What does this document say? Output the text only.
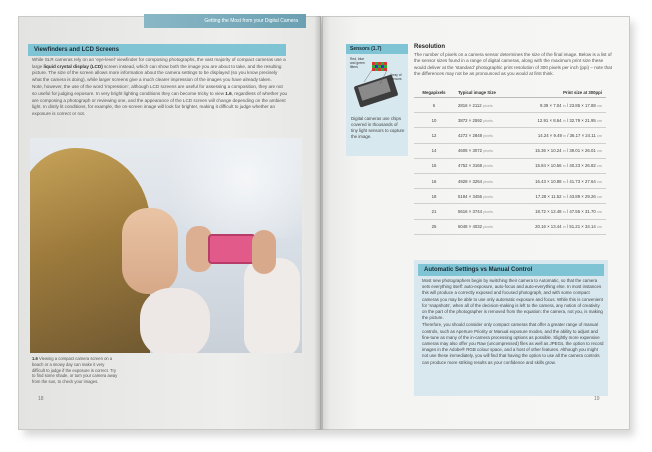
Viewfinders and LCD Screens

While SLR cameras rely on an ‘eye-level’ viewfinder for composing photographs, the vast majority of compact cameras use a large liquid crystal display (LCD) screen instead, which can show both the image you are about to take, and the resulting picture. The size of the screen allows more information about the camera settings to be displayed (so you know precisely what the camera is doing), while larger screens give a much clearer impression of the images you have already taken.

Note, however, the use of the word ‘impression’, although LCD screens are useful for assessing a composition, they are not so useful for judging exposure. In very bright lighting conditions they can become tricky to view 1.6, regardless of whether you are composing a photograph or reviewing one, and the appearance of the LCD screen will change depending on the ambient light. In dimly lit conditions, for example, the on-screen image will look far brighter, making it difficult to judge whether an exposure is correct or not.

1.6 Viewing a compact camera screen on a beach or a snowy day can make it very difficult to judge if the exposure is correct. Try to find some shade, or turn your camera away from the sun, to check your images.
18
Getting the Most from your Digital Camera
Sensors (1.7)
Red, blue and green filters
Array of sensors
Digital cameras use chips covered in thousands of tiny light sensors to capture the image.
Resolution
The number of pixels on a camera sensor determines the size of the final image. Below is a list of the sensor sizes found in a range of digital cameras, along with the maximum print size these would deliver at the ‘standard’ photographic print resolution of 300 pixels per inch (ppi) – note that the differences may not be as pronounced as you would at first think.
Megapixels	Typical image Size	Print size at 300ppi
6	2816 × 2112 pixels	9.39 × 7.04 in / 23.85 × 17.88 cm
10	3872 × 2592 pixels	12.91 × 8.64 in / 32.79 × 21.95 cm
12	4272 × 2848 pixels	14.24 × 9.49 in / 36.17 × 24.11 cm
14	4608 × 3072 pixels	15.36 × 10.24 in / 39.01 × 26.01 cm
15	4752 × 3168 pixels	15.84 × 10.56 in / 40.23 × 26.82 cm
16	4928 × 3264 pixels	16.43 × 10.88 in / 41.73 × 27.64 cm
18	5184 × 3456 pixels	17.28 × 11.52 in / 43.89 × 29.26 cm
21	5616 × 3744 pixels	18.72 × 12.48 in / 47.55 × 31.70 cm
25	6048 × 4032 pixels	20.16 × 13.44 in / 51.21 × 34.14 cm
Automatic Settings vs Manual Control

Most new photographers begin by switching their camera to Automatic, so that the camera sets everything itself: auto-exposure, auto-focus and auto-everything else. In most instances this will produce a correctly exposed and focused photograph, and with some compact cameras you may be able to use only automatic exposure and focus. While this is convenient for ‘snapshots’, when all of the decision-making is left to the camera, any notion of creativity on the part of the photographer is removed from the equation: the camera, not you, is making the picture.

Therefore, you should consider only compact cameras that offer a greater range of manual controls, such as Aperture Priority or Manual exposure modes, and the ability to adjust and fine-tune as many of the in-camera processing options as possible. Slightly more expensive cameras may also offer you Raw (uncompressed) files as well as JPEGs, the option to record images in the Adobe® RGB colour space, and a host of other features. Although you might not use these immediately, you will find that having the option to use all the camera controls can produce more striking results as your confidence and skills grow.

19
